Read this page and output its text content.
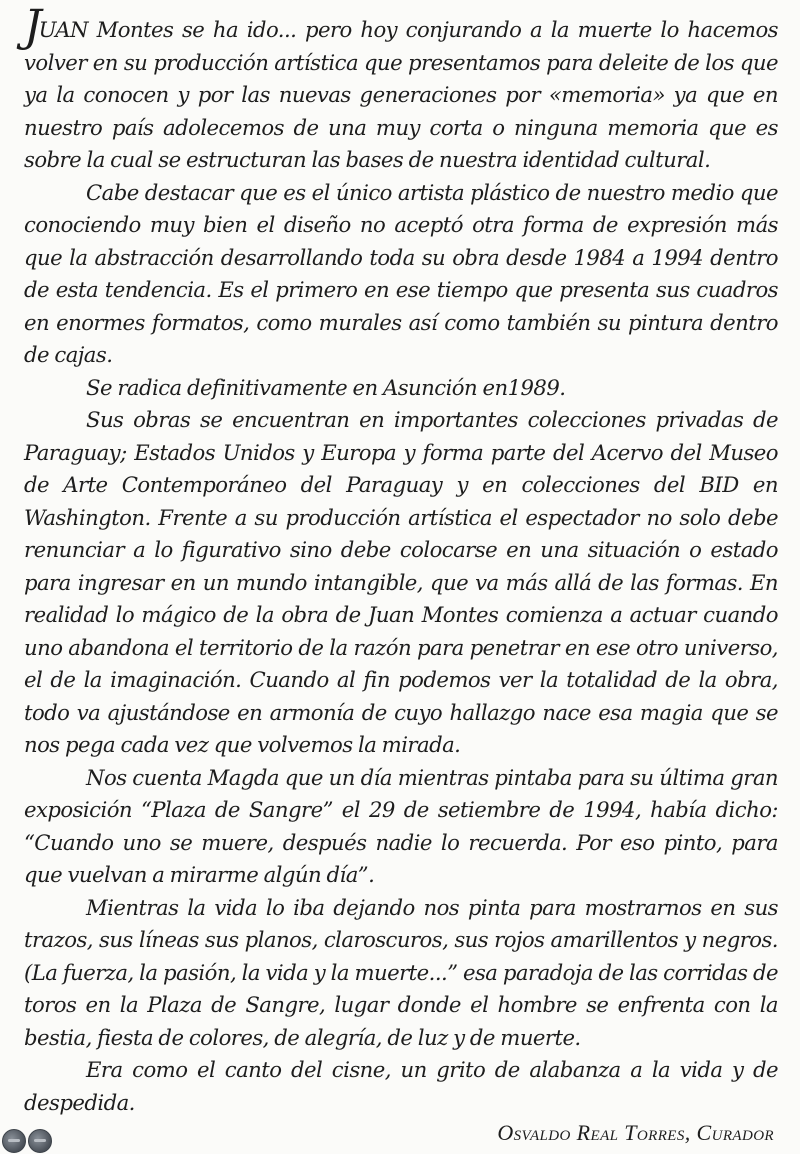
JUAN Montes se ha ido... pero hoy conjurando a la muerte lo hacemos volver en su producción artística que presentamos para deleite de los que ya la conocen y por las nuevas generaciones por «memoria» ya que en nuestro país adolecemos de una muy corta o ninguna memoria que es sobre la cual se estructuran las bases de nuestra identidad cultural.

Cabe destacar que es el único artista plástico de nuestro medio que conociendo muy bien el diseño no aceptó otra forma de expresión más que la abstracción desarrollando toda su obra desde 1984 a 1994 dentro de esta tendencia. Es el primero en ese tiempo que presenta sus cuadros en enormes formatos, como murales así como también su pintura dentro de cajas.

Se radica definitivamente en Asunción en1989.

Sus obras se encuentran en importantes colecciones privadas de Paraguay; Estados Unidos y Europa y forma parte del Acervo del Museo de Arte Contemporáneo del Paraguay y en colecciones del BID en Washington. Frente a su producción artística el espectador no solo debe renunciar a lo figurativo sino debe colocarse en una situación o estado para ingresar en un mundo intangible, que va más allá de las formas. En realidad lo mágico de la obra de Juan Montes comienza a actuar cuando uno abandona el territorio de la razón para penetrar en ese otro universo, el de la imaginación. Cuando al fin podemos ver la totalidad de la obra, todo va ajustándose en armonía de cuyo hallazgo nace esa magia que se nos pega cada vez que volvemos la mirada.

Nos cuenta Magda que un día mientras pintaba para su última gran exposición “Plaza de Sangre” el 29 de setiembre de 1994, había dicho: “Cuando uno se muere, después nadie lo recuerda. Por eso pinto, para que vuelvan a mirarme algún día”.

Mientras la vida lo iba dejando nos pinta para mostrarnos en sus trazos, sus líneas sus planos, claroscuros, sus rojos amarillentos y negros. (La fuerza, la pasión, la vida y la muerte...” esa paradoja de las corridas de toros en la Plaza de Sangre, lugar donde el hombre se enfrenta con la bestia, fiesta de colores, de alegría, de luz y de muerte.

Era como el canto del cisne, un grito de alabanza a la vida y de despedida.

Osvaldo Real Torres, Curador
